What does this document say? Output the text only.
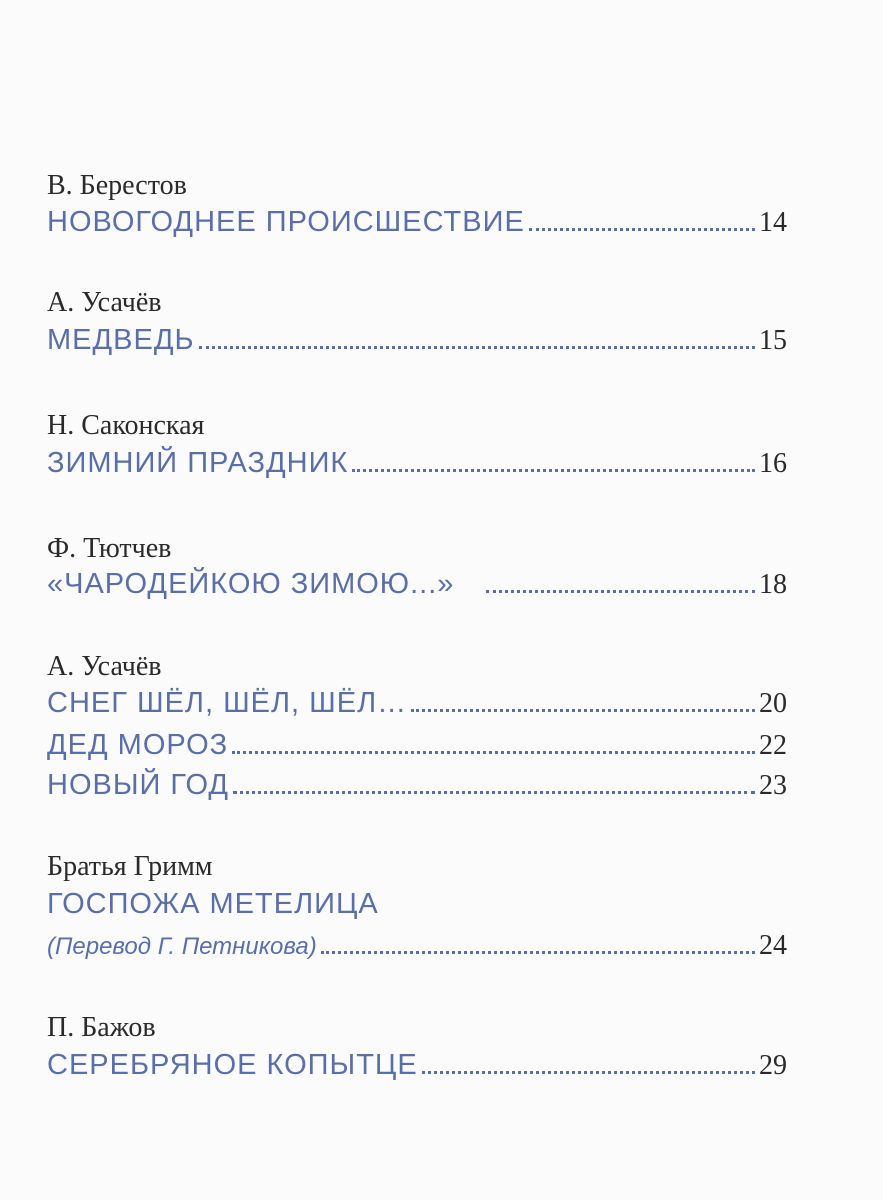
В. Берестов
НОВОГОДНЕЕ ПРОИСШЕСТВИЕ	14
А. Усачёв
МЕДВЕДЬ	15
Н. Саконская
ЗИМНИЙ ПРАЗДНИК	16
Ф. Тютчев
«ЧАРОДЕЙКОЮ ЗИМОЮ...»	18
А. Усачёв
СНЕГ ШЁЛ, ШЁЛ, ШЁЛ…	20
ДЕД МОРОЗ	22
НОВЫЙ ГОД	23
Братья Гримм
ГОСПОЖА МЕТЕЛИЦА
(Перевод Г. Петникова)	24
П. Бажов
СЕРЕБРЯНОЕ КОПЫТЦЕ	29
